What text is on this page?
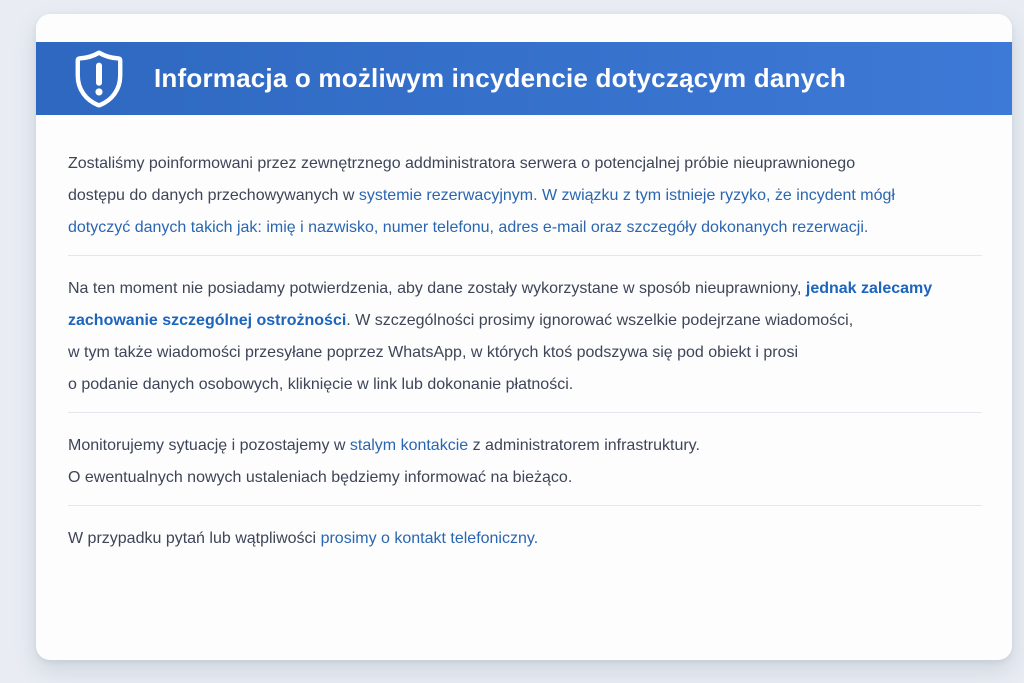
Informacja o możliwym incydencie dotyczącym danych

Zostaliśmy poinformowani przez zewnętrznego addministratora serwera o potencjalnej próbie nieuprawnionego
dostępu do danych przechowywanych w systemie rezerwacyjnym. W związku z tym istnieje ryzyko, że incydent mógł
dotyczyć danych takich jak: imię i nazwisko, numer telefonu, adres e-mail oraz szczegóły dokonanych rezerwacji.

Na ten moment nie posiadamy potwierdzenia, aby dane zostały wykorzystane w sposób nieuprawniony, jednak zalecamy
zachowanie szczególnej ostrożności. W szczególności prosimy ignorować wszelkie podejrzane wiadomości,
w tym także wiadomości przesyłane poprzez WhatsApp, w których ktoś podszywa się pod obiekt i prosi
o podanie danych osobowych, kliknięcie w link lub dokonanie płatności.

Monitorujemy sytuację i pozostajemy w stalym kontakcie z administratorem infrastruktury.
O ewentualnych nowych ustaleniach będziemy informować na bieżąco.

W przypadku pytań lub wątpliwości prosimy o kontakt telefoniczny.
